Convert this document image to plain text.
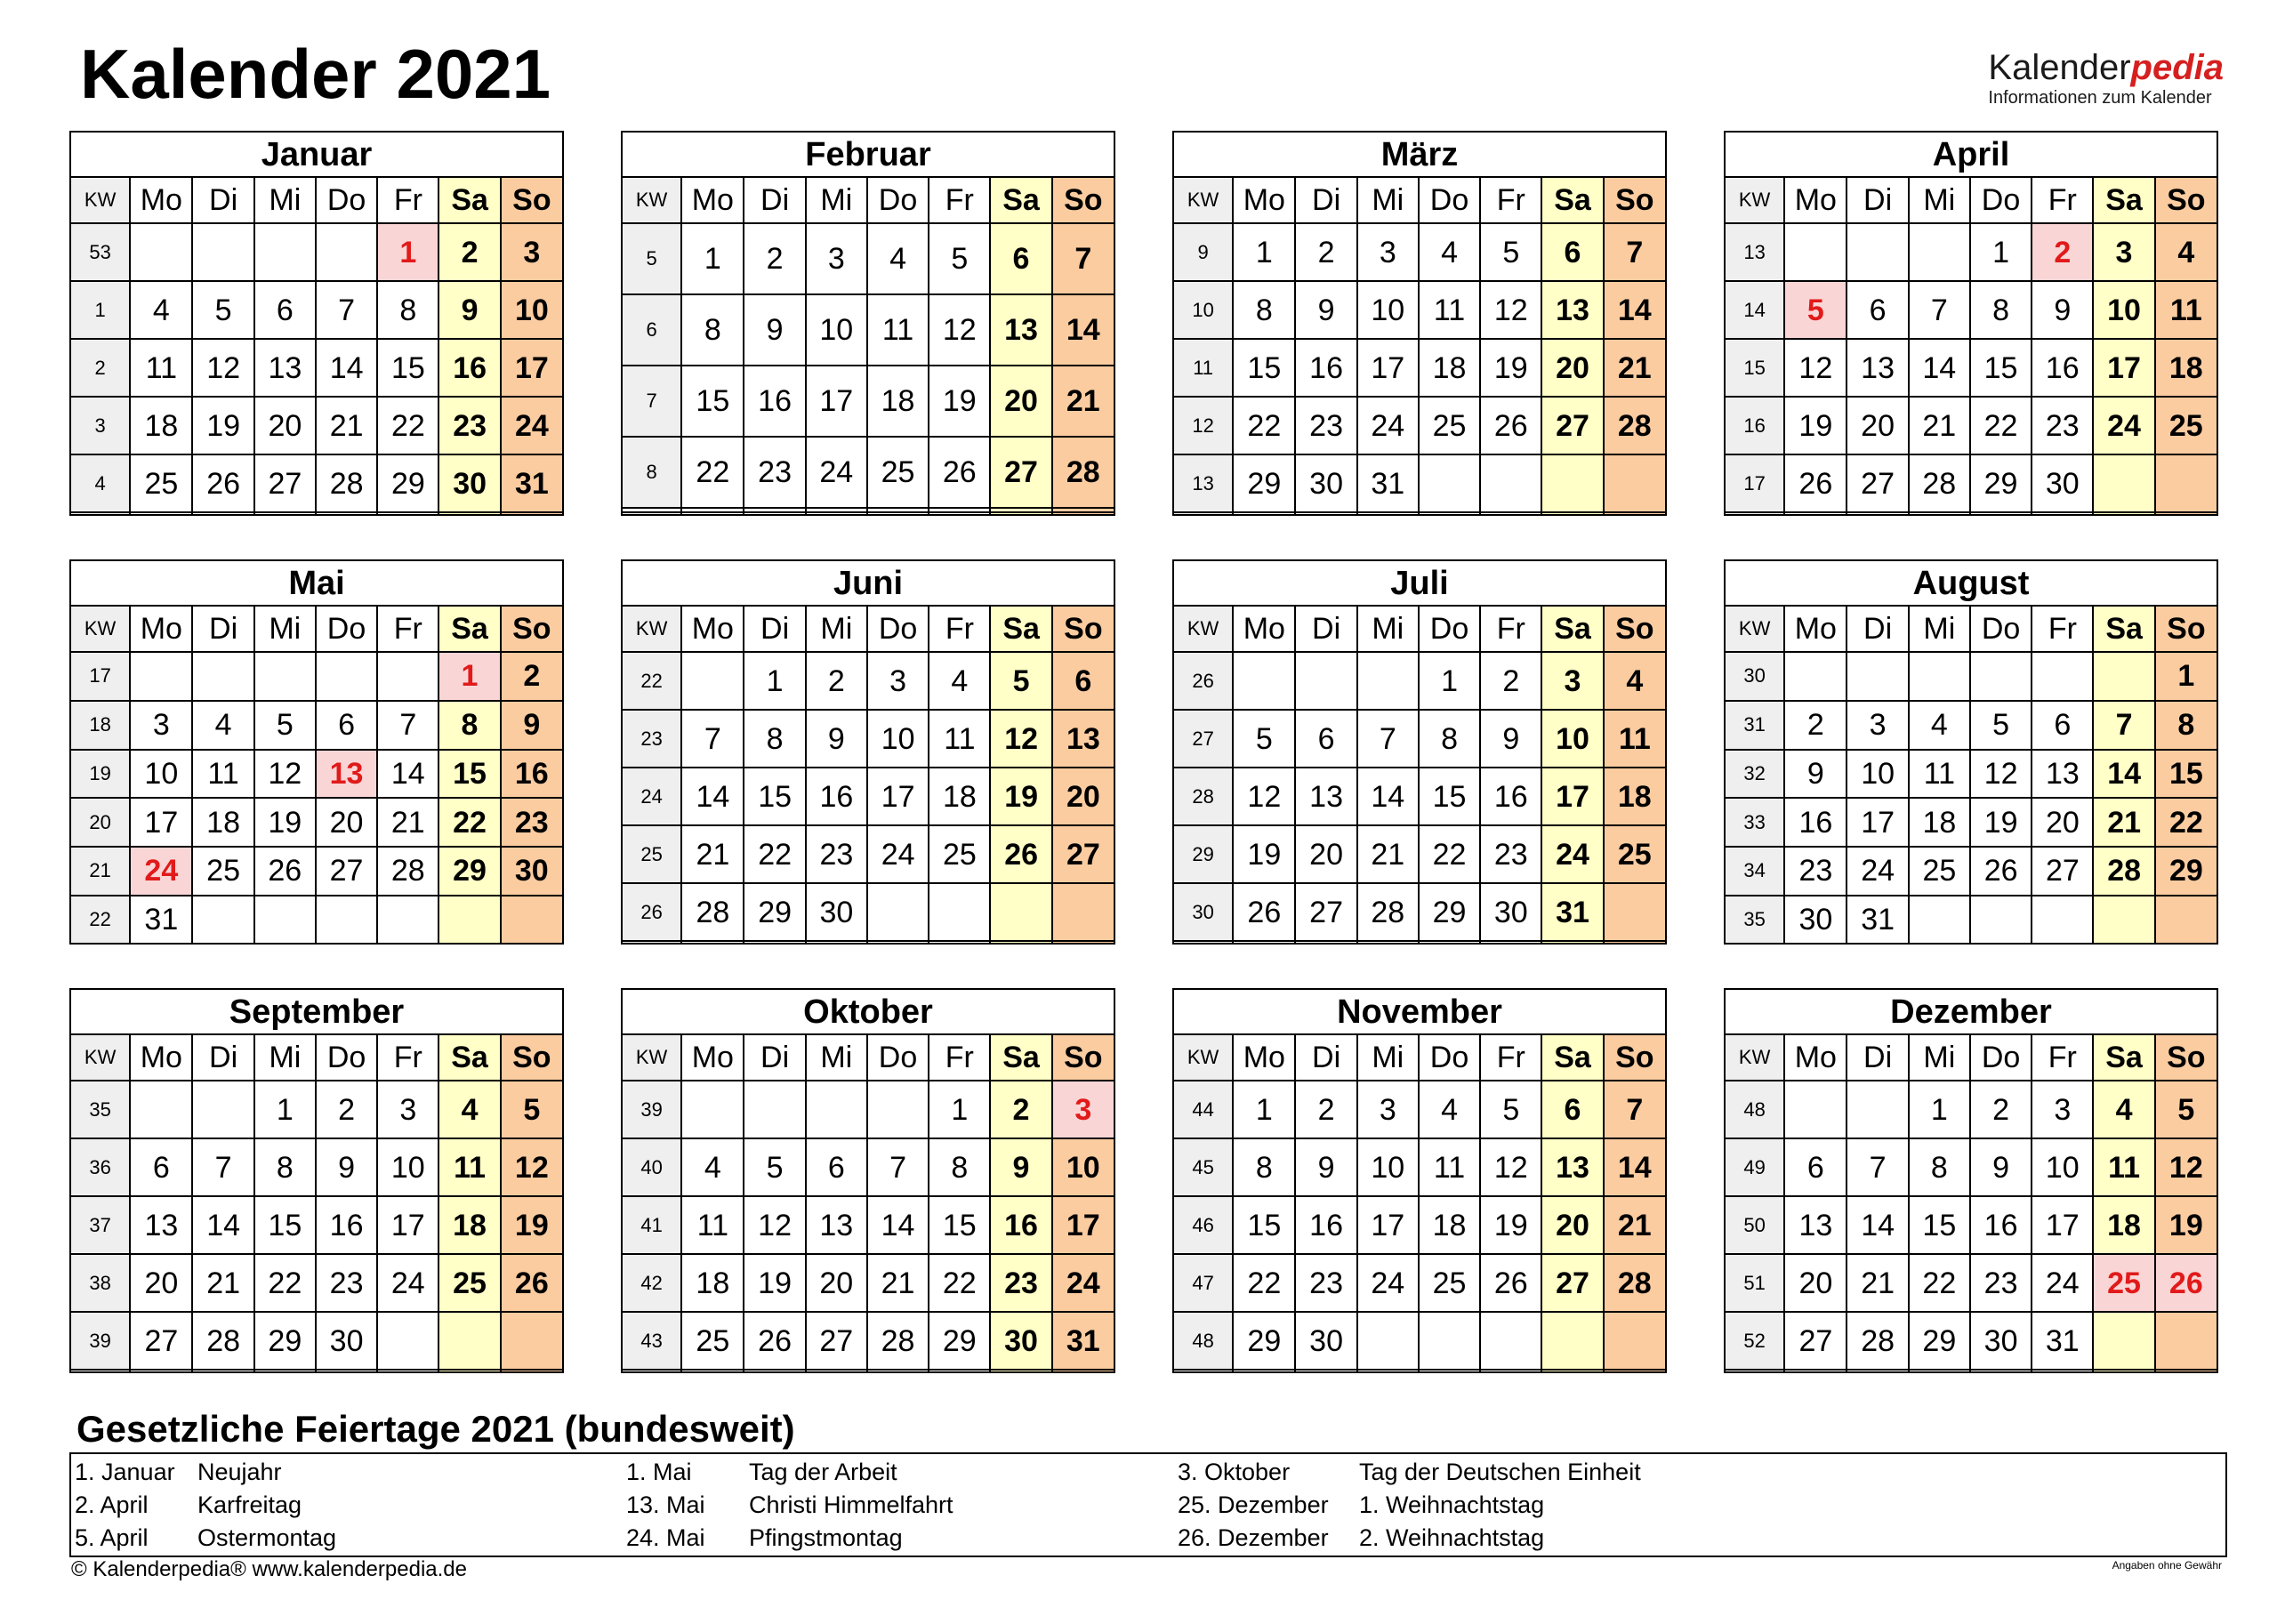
Kalender 2021	Kalenderpedia
Informationen zum Kalender
Januar							
KW	Mo	Di	Mi	Do	Fr	Sa	So
53					1	2	3
1	4	5	6	7	8	9	10
2	11	12	13	14	15	16	17
3	18	19	20	21	22	23	24
4	25	26	27	28	29	30	31

Februar							
KW	Mo	Di	Mi	Do	Fr	Sa	So
5	1	2	3	4	5	6	7
6	8	9	10	11	12	13	14
7	15	16	17	18	19	20	21
8	22	23	24	25	26	27	28

März							
KW	Mo	Di	Mi	Do	Fr	Sa	So
9	1	2	3	4	5	6	7
10	8	9	10	11	12	13	14
11	15	16	17	18	19	20	21
12	22	23	24	25	26	27	28
13	29	30	31				

April							
KW	Mo	Di	Mi	Do	Fr	Sa	So
13				1	2	3	4
14	5	6	7	8	9	10	11
15	12	13	14	15	16	17	18
16	19	20	21	22	23	24	25
17	26	27	28	29	30		

Mai							
KW	Mo	Di	Mi	Do	Fr	Sa	So
17						1	2
18	3	4	5	6	7	8	9
19	10	11	12	13	14	15	16
20	17	18	19	20	21	22	23
21	24	25	26	27	28	29	30
22	31						
Juni							
KW	Mo	Di	Mi	Do	Fr	Sa	So
22		1	2	3	4	5	6
23	7	8	9	10	11	12	13
24	14	15	16	17	18	19	20
25	21	22	23	24	25	26	27
26	28	29	30				

Juli							
KW	Mo	Di	Mi	Do	Fr	Sa	So
26				1	2	3	4
27	5	6	7	8	9	10	11
28	12	13	14	15	16	17	18
29	19	20	21	22	23	24	25
30	26	27	28	29	30	31	

August							
KW	Mo	Di	Mi	Do	Fr	Sa	So
30							1
31	2	3	4	5	6	7	8
32	9	10	11	12	13	14	15
33	16	17	18	19	20	21	22
34	23	24	25	26	27	28	29
35	30	31					
September							
KW	Mo	Di	Mi	Do	Fr	Sa	So
35			1	2	3	4	5
36	6	7	8	9	10	11	12
37	13	14	15	16	17	18	19
38	20	21	22	23	24	25	26
39	27	28	29	30			

Oktober							
KW	Mo	Di	Mi	Do	Fr	Sa	So
39					1	2	3
40	4	5	6	7	8	9	10
41	11	12	13	14	15	16	17
42	18	19	20	21	22	23	24
43	25	26	27	28	29	30	31

November							
KW	Mo	Di	Mi	Do	Fr	Sa	So
44	1	2	3	4	5	6	7
45	8	9	10	11	12	13	14
46	15	16	17	18	19	20	21
47	22	23	24	25	26	27	28
48	29	30					

Dezember							
KW	Mo	Di	Mi	Do	Fr	Sa	So
48			1	2	3	4	5
49	6	7	8	9	10	11	12
50	13	14	15	16	17	18	19
51	20	21	22	23	24	25	26
52	27	28	29	30	31		

Gesetzliche Feiertage 2021 (bundesweit)
1. Januar Neujahr
2. April Karfreitag
5. April Ostermontag
1. Mai Tag der Arbeit
13. Mai Christi Himmelfahrt
24. Mai Pfingstmontag
3. Oktober	Tag der Deutschen Einheit
25. Dezember 1. Weihnachtstag
26. Dezember 2. Weihnachtstag
© Kalenderpedia® www.kalenderpedia.de	Angaben ohne Gewähr
